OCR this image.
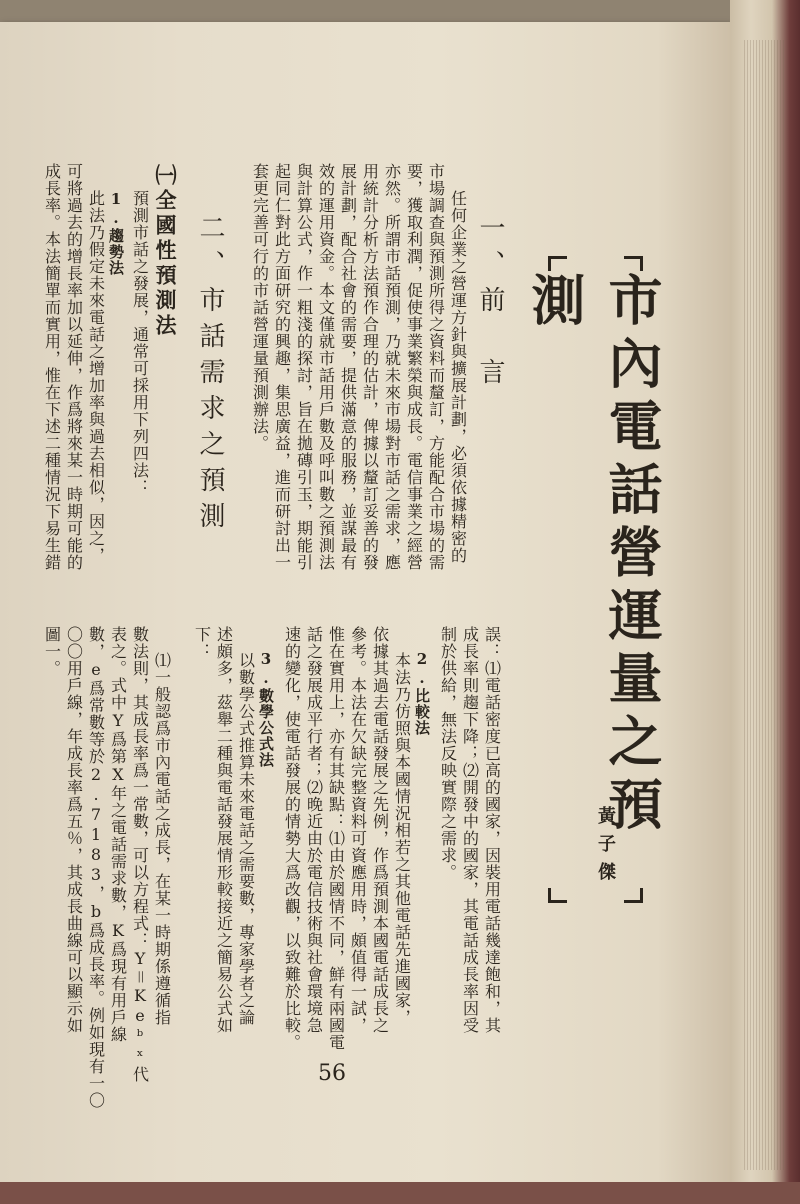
市內電話營運量之預測
黃子傑
一、前　言
二、市話需求之預測
㈠全國性預測法
1.趨勢法	任何企業之營運方針與擴展計劃，必須依據精密的
市場調查與預測所得之資料而釐訂，方能配合市場的需
要，獲取利潤，促使事業繁榮與成長。電信事業之經營
亦然。所謂市話預測，乃就未來市場對市話之需求，應
用統計分析方法預作合理的估計，俾據以釐訂妥善的發
展計劃，配合社會的需要，提供滿意的服務，並謀最有
效的運用資金。本文僅就市話用戶數及呼叫數之預測法
與計算公式，作一粗淺的探討，旨在拋磚引玉，期能引
起同仁對此方面研究的興趣，集思廣益，進而研討出一
套更完善可行的市話營運量預測辦法。
預測市話之發展，通常可採用下列四法：
此法乃假定未來電話之增加率與過去相似，因之，
可將過去的增長率加以延伸，作爲將來某一時期可能的
成長率。本法簡單而實用，惟在下述二種情況下易生錯
誤：⑴電話密度已高的國家，因裝用電話幾達飽和，其
成長率則趨下降；⑵開發中的國家，其電話成長率因受
制於供給，無法反映實際之需求。
2.比較法
本法乃仿照與本國情況相若之其他電話先進國家，
依據其過去電話發展之先例，作爲預測本國電話成長之
參考。本法在欠缺完整資料可資應用時，頗值得一試，
惟在實用上，亦有其缺點：⑴由於國情不同，鮮有兩國電
話之發展成平行者；⑵晚近由於電信技術與社會環境急
速的變化，使電話發展的情勢大爲改觀，以致難於比較。
3.數學公式法
以數學公式推算未來電話之需要數，專家學者之論
述頗多，茲舉二種與電話發展情形較接近之簡易公式如
下：
⑴一般認爲市內電話之成長，在某一時期係遵循指
數法則，其成長率爲一常數，可以方程式：Y＝Keᵇˣ代
表之。式中Y爲第X年之電話需求數，K爲現有用戶線
數，e爲常數等於2.7183，b爲成長率。例如現有一〇
〇〇用戶線，年成長率爲五％，其成長曲線可以顯示如
圖一。
56
